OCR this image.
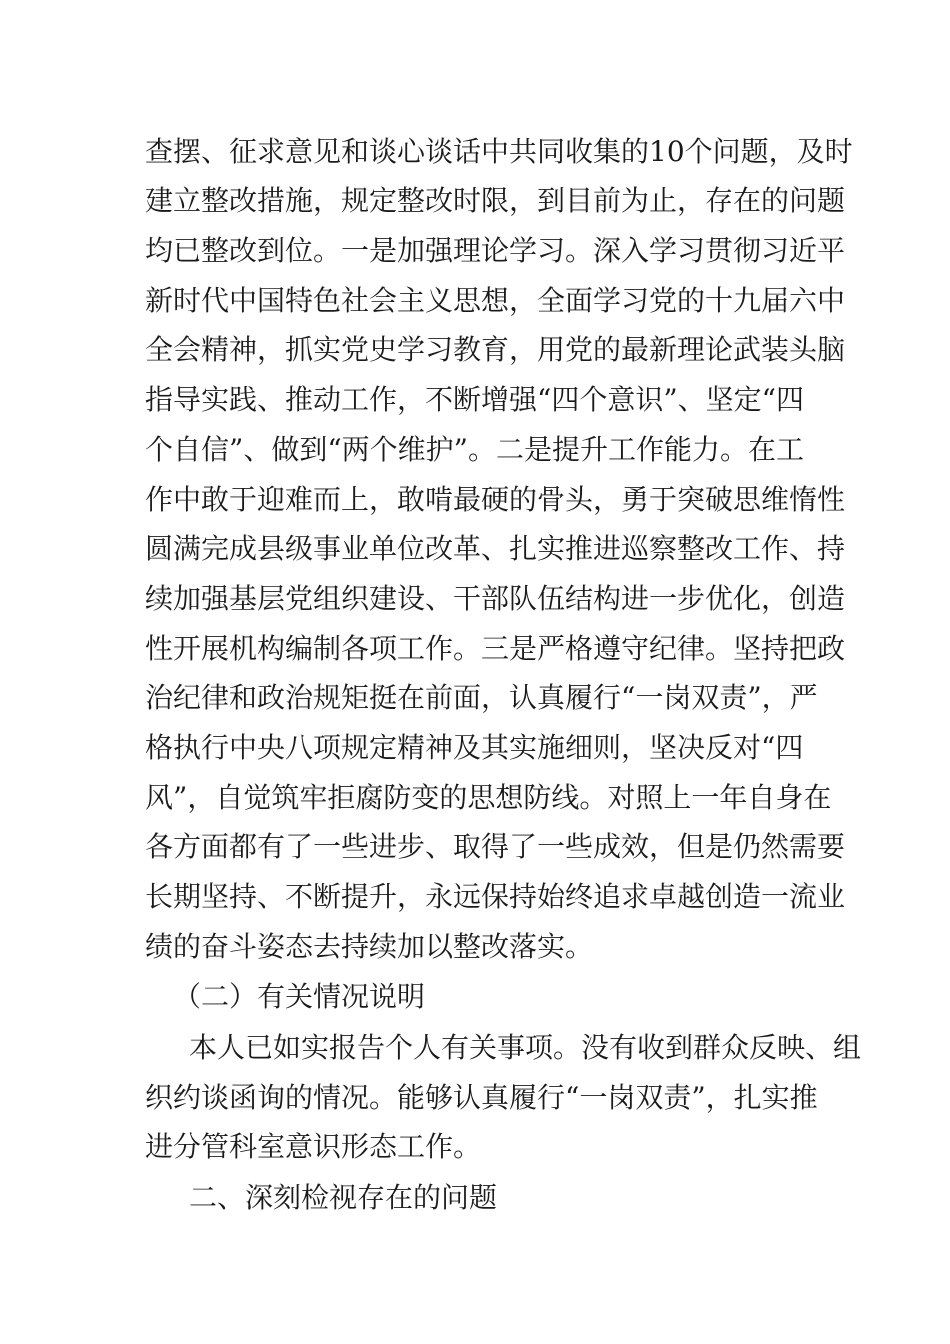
查摆、征求意见和谈心谈话中共同收集的10个问题，及时
建立整改措施，规定整改时限，到目前为止，存在的问题
均已整改到位。一是加强理论学习。深入学习贯彻习近平
新时代中国特色社会主义思想，全面学习党的十九届六中
全会精神，抓实党史学习教育，用党的最新理论武装头脑
指导实践、推动工作，不断增强“四个意识”、坚定“四
个自信”、做到“两个维护”。二是提升工作能力。在工
作中敢于迎难而上，敢啃最硬的骨头，勇于突破思维惰性
圆满完成县级事业单位改革、扎实推进巡察整改工作、持
续加强基层党组织建设、干部队伍结构进一步优化，创造
性开展机构编制各项工作。三是严格遵守纪律。坚持把政
治纪律和政治规矩挺在前面，认真履行“一岗双责”，严
格执行中央八项规定精神及其实施细则，坚决反对“四
风”，自觉筑牢拒腐防变的思想防线。对照上一年自身在
各方面都有了一些进步、取得了一些成效，但是仍然需要
长期坚持、不断提升，永远保持始终追求卓越创造一流业
绩的奋斗姿态去持续加以整改落实。
（二）有关情况说明
本人已如实报告个人有关事项。没有收到群众反映、组
织约谈函询的情况。能够认真履行“一岗双责”，扎实推
进分管科室意识形态工作。
二、深刻检视存在的问题
